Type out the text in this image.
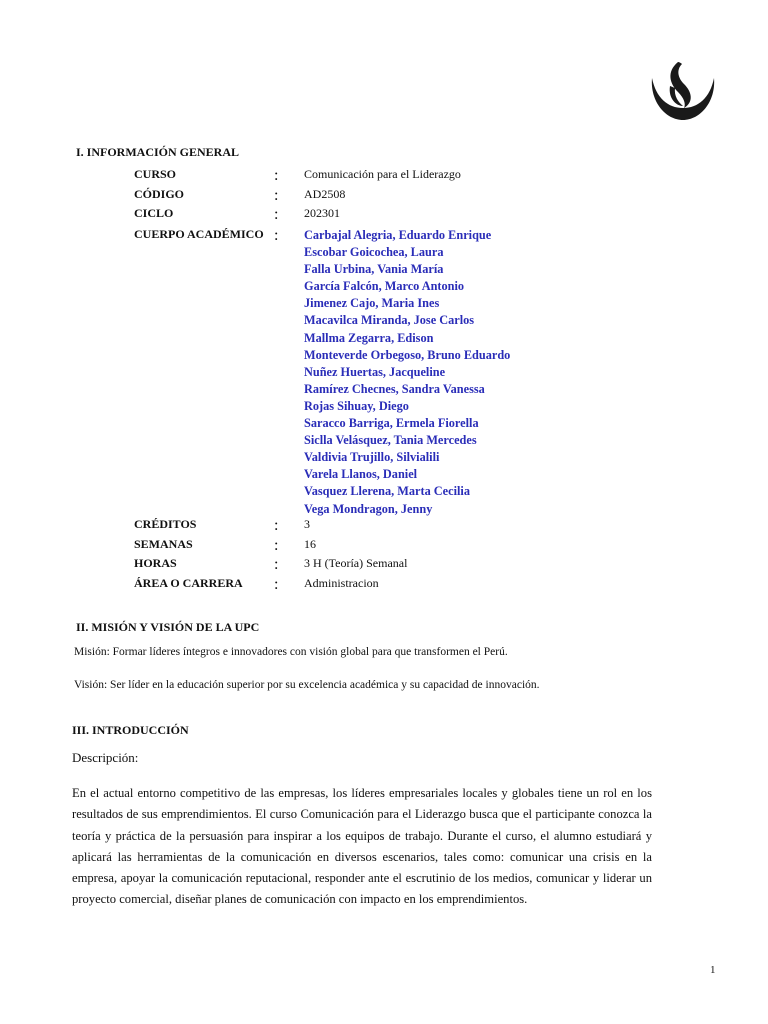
I. INFORMACIÓN GENERAL
CURSO	: Comunicación para el Liderazgo
CÓDIGO	: AD2508
CICLO	: 202301
CUERPO ACADÉMICO : Carbajal Alegria, Eduardo Enrique
Escobar Goicochea, Laura
Falla Urbina, Vania María
García Falcón, Marco Antonio
Jimenez Cajo, Maria Ines
Macavilca Miranda, Jose Carlos
Mallma Zegarra, Edison
Monteverde Orbegoso, Bruno Eduardo
Nuñez Huertas, Jacqueline
Ramírez Checnes, Sandra Vanessa
Rojas Sihuay, Diego
Saracco Barriga, Ermela Fiorella
Siclla Velásquez, Tania Mercedes
Valdivia Trujillo, Silvialili
Varela Llanos, Daniel
Vasquez Llerena, Marta Cecilia
Vega Mondragon, Jenny
CRÉDITOS	: 3
SEMANAS	: 16
HORAS	: 3 H (Teoría) Semanal
ÁREA O CARRERA : Administracion
II. MISIÓN Y VISIÓN DE LA UPC

Misión: Formar líderes íntegros e innovadores con visión global para que transformen el Perú.

Visión: Ser líder en la educación superior por su excelencia académica y su capacidad de innovación.

III. INTRODUCCIÓN

Descripción:

En el actual entorno competitivo de las empresas, los líderes empresariales locales y globales tiene un rol en los resultados de sus emprendimientos. El curso Comunicación para el Liderazgo busca que el participante conozca la teoría y práctica de la persuasión para inspirar a los equipos de trabajo. Durante el curso, el alumno estudiará y aplicará las herramientas de la comunicación en diversos escenarios, tales como: comunicar una crisis en la empresa, apoyar la comunicación reputacional, responder ante el escrutinio de los medios, comunicar y liderar un proyecto comercial, diseñar planes de comunicación con impacto en los emprendimientos.

1
